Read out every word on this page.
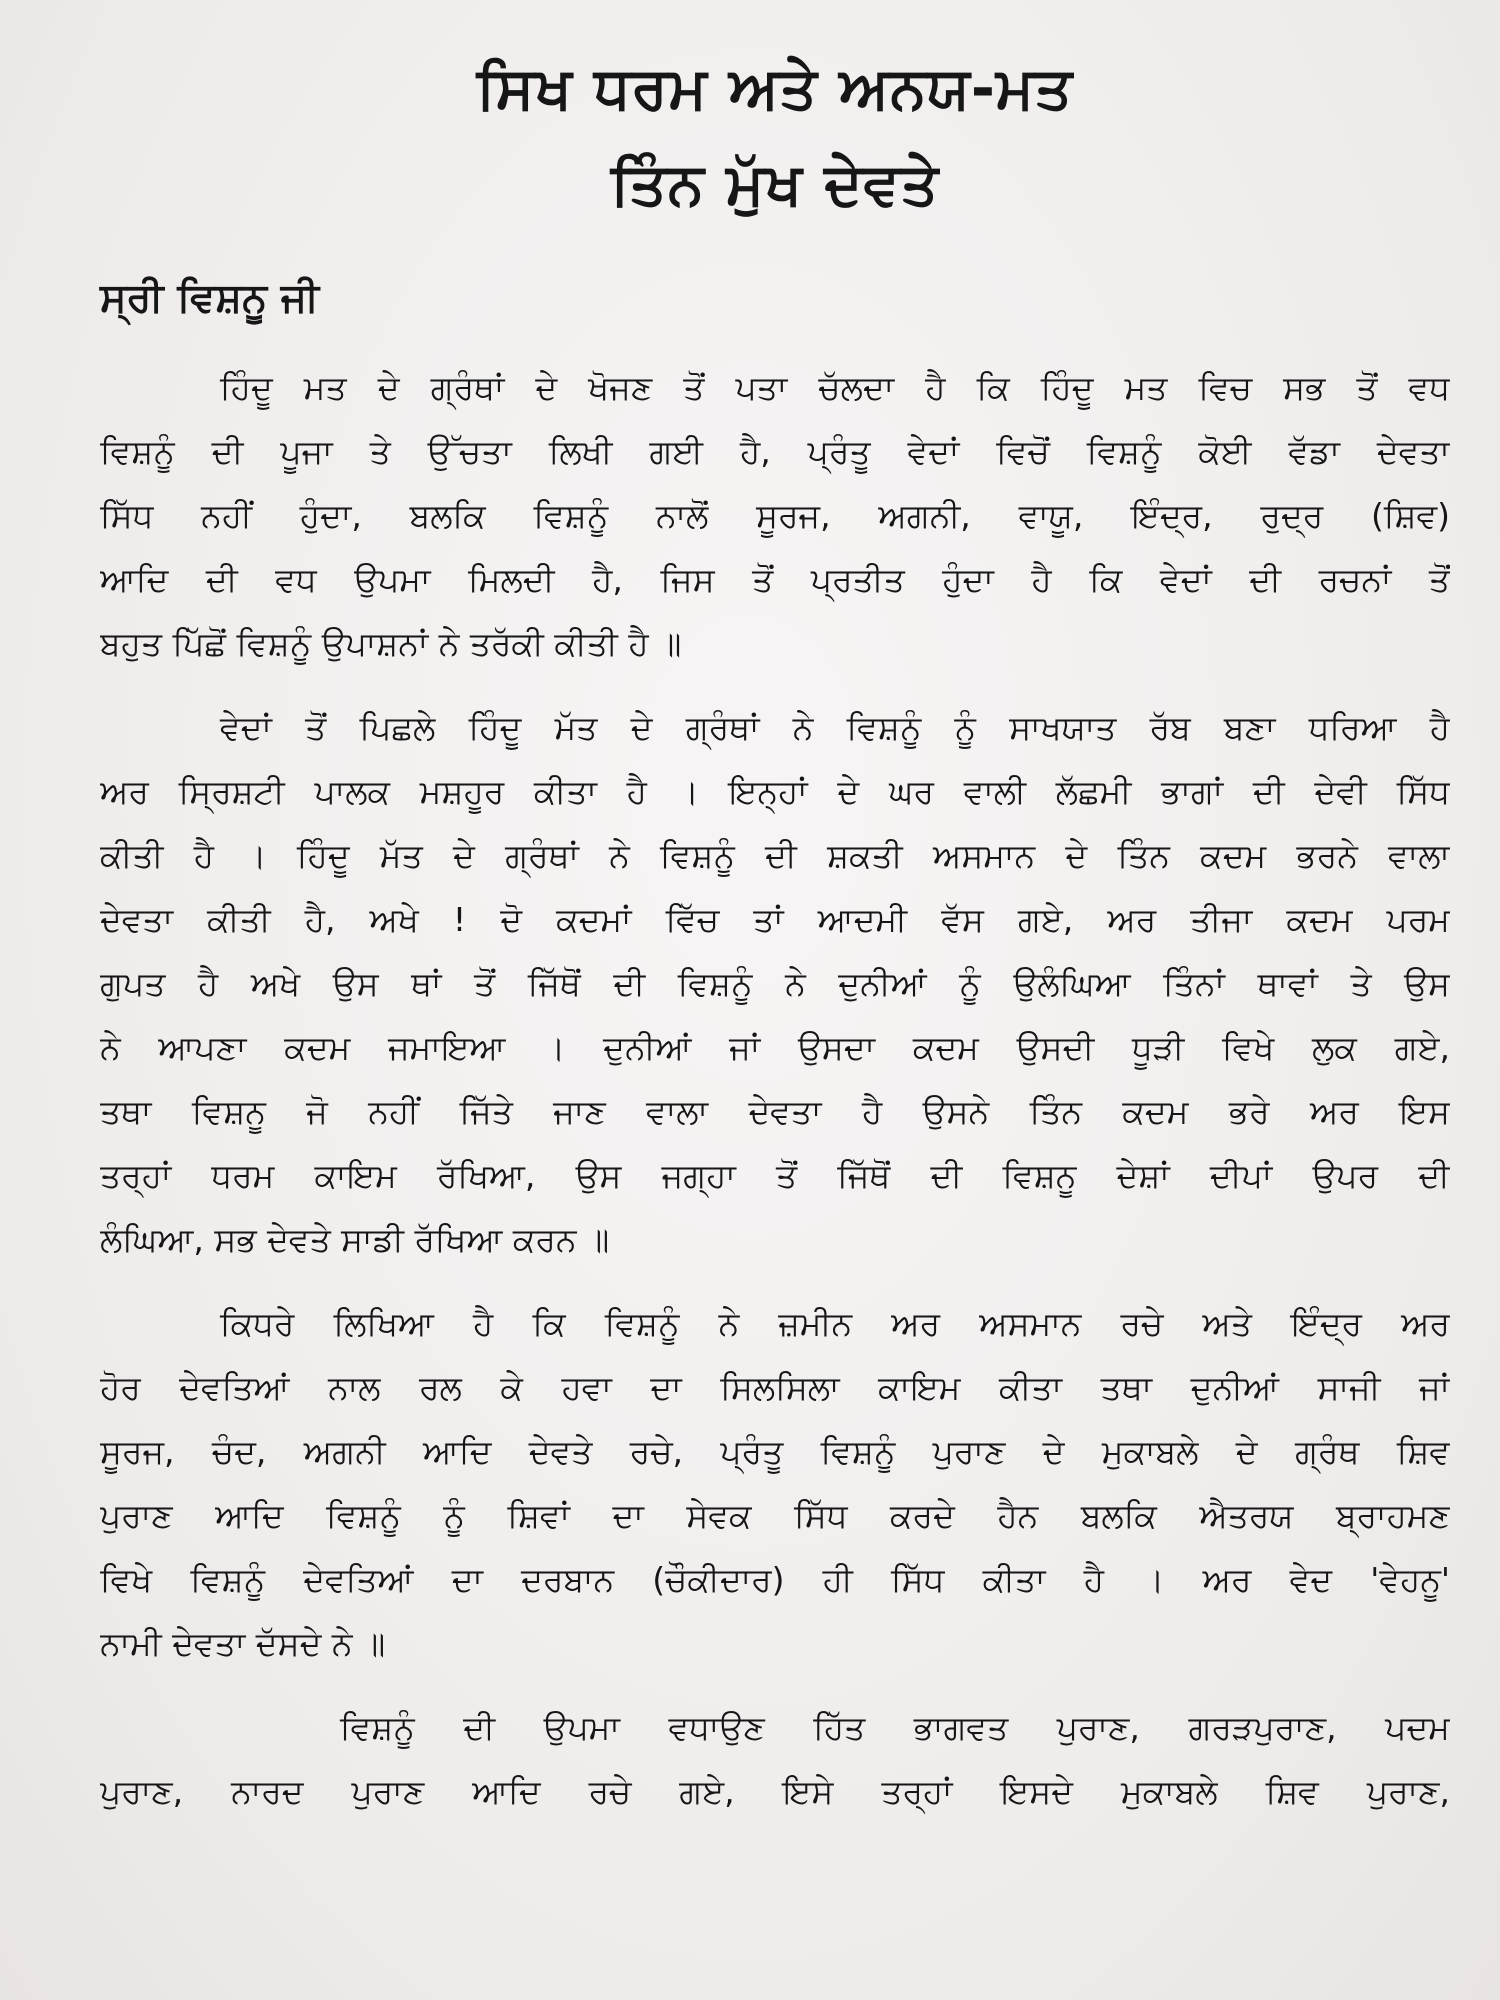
ਸਿਖ ਧਰਮ ਅਤੇ ਅਨਯ-ਮਤ
ਤਿੰਨ ਮੁੱਖ ਦੇਵਤੇ
ਸ੍ਰੀ ਵਿਸ਼ਨੂ ਜੀ
ਹਿੰਦੂ ਮਤ ਦੇ ਗ੍ਰੰਥਾਂ ਦੇ ਖੋਜਣ ਤੋਂ ਪਤਾ ਚੱਲਦਾ ਹੈ ਕਿ ਹਿੰਦੂ ਮਤ ਵਿਚ ਸਭ ਤੋਂ ਵਧ
ਵਿਸ਼ਨੂੰ ਦੀ ਪੂਜਾ ਤੇ ਉੱਚਤਾ ਲਿਖੀ ਗਈ ਹੈ, ਪ੍ਰੰਤੂ ਵੇਦਾਂ ਵਿਚੋਂ ਵਿਸ਼ਨੂੰ ਕੋਈ ਵੱਡਾ ਦੇਵਤਾ
ਸਿੱਧ ਨਹੀਂ ਹੁੰਦਾ, ਬਲਕਿ ਵਿਸ਼ਨੂੰ ਨਾਲੋਂ ਸੂਰਜ, ਅਗਨੀ, ਵਾਯੂ, ਇੰਦ੍ਰ, ਰੁਦ੍ਰ (ਸ਼ਿਵ)
ਆਦਿ ਦੀ ਵਧ ਉਪਮਾ ਮਿਲਦੀ ਹੈ, ਜਿਸ ਤੋਂ ਪ੍ਰਤੀਤ ਹੁੰਦਾ ਹੈ ਕਿ ਵੇਦਾਂ ਦੀ ਰਚਨਾਂ ਤੋਂ
ਬਹੁਤ ਪਿੱਛੋਂ ਵਿਸ਼ਨੂੰ ਉਪਾਸ਼ਨਾਂ ਨੇ ਤਰੱਕੀ ਕੀਤੀ ਹੈ ॥
ਵੇਦਾਂ ਤੋਂ ਪਿਛਲੇ ਹਿੰਦੂ ਮੱਤ ਦੇ ਗ੍ਰੰਥਾਂ ਨੇ ਵਿਸ਼ਨੂੰ ਨੂੰ ਸਾਖਯਾਤ ਰੱਬ ਬਣਾ ਧਰਿਆ ਹੈ
ਅਰ ਸ੍ਰਿਸ਼ਟੀ ਪਾਲਕ ਮਸ਼ਹੂਰ ਕੀਤਾ ਹੈ । ਇਨ੍ਹਾਂ ਦੇ ਘਰ ਵਾਲੀ ਲੱਛਮੀ ਭਾਗਾਂ ਦੀ ਦੇਵੀ ਸਿੱਧ
ਕੀਤੀ ਹੈ । ਹਿੰਦੂ ਮੱਤ ਦੇ ਗ੍ਰੰਥਾਂ ਨੇ ਵਿਸ਼ਨੂੰ ਦੀ ਸ਼ਕਤੀ ਅਸਮਾਨ ਦੇ ਤਿੰਨ ਕਦਮ ਭਰਨੇ ਵਾਲਾ
ਦੇਵਤਾ ਕੀਤੀ ਹੈ, ਅਖੇ ! ਦੋ ਕਦਮਾਂ ਵਿੱਚ ਤਾਂ ਆਦਮੀ ਵੱਸ ਗਏ, ਅਰ ਤੀਜਾ ਕਦਮ ਪਰਮ
ਗੁਪਤ ਹੈ ਅਖੇ ਉਸ ਥਾਂ ਤੋਂ ਜਿੱਥੋਂ ਦੀ ਵਿਸ਼ਨੂੰ ਨੇ ਦੁਨੀਆਂ ਨੂੰ ਉਲੰਘਿਆ ਤਿੰਨਾਂ ਥਾਵਾਂ ਤੇ ਉਸ
ਨੇ ਆਪਣਾ ਕਦਮ ਜਮਾਇਆ । ਦੁਨੀਆਂ ਜਾਂ ਉਸਦਾ ਕਦਮ ਉਸਦੀ ਧੂੜੀ ਵਿਖੇ ਲੁਕ ਗਏ,
ਤਥਾ ਵਿਸ਼ਨੂ ਜੋ ਨਹੀਂ ਜਿੱਤੇ ਜਾਣ ਵਾਲਾ ਦੇਵਤਾ ਹੈ ਉਸਨੇ ਤਿੰਨ ਕਦਮ ਭਰੇ ਅਰ ਇਸ
ਤਰ੍ਹਾਂ ਧਰਮ ਕਾਇਮ ਰੱਖਿਆ, ਉਸ ਜਗ੍ਹਾ ਤੋਂ ਜਿੱਥੋਂ ਦੀ ਵਿਸ਼ਨੂ ਦੇਸ਼ਾਂ ਦੀਪਾਂ ਉਪਰ ਦੀ
ਲੰਘਿਆ, ਸਭ ਦੇਵਤੇ ਸਾਡੀ ਰੱਖਿਆ ਕਰਨ ॥
ਕਿਧਰੇ ਲਿਖਿਆ ਹੈ ਕਿ ਵਿਸ਼ਨੂੰ ਨੇ ਜ਼ਮੀਨ ਅਰ ਅਸਮਾਨ ਰਚੇ ਅਤੇ ਇੰਦ੍ਰ ਅਰ
ਹੋਰ ਦੇਵਤਿਆਂ ਨਾਲ ਰਲ ਕੇ ਹਵਾ ਦਾ ਸਿਲਸਿਲਾ ਕਾਇਮ ਕੀਤਾ ਤਥਾ ਦੁਨੀਆਂ ਸਾਜੀ ਜਾਂ
ਸੂਰਜ, ਚੰਦ, ਅਗਨੀ ਆਦਿ ਦੇਵਤੇ ਰਚੇ, ਪ੍ਰੰਤੂ ਵਿਸ਼ਨੂੰ ਪੁਰਾਣ ਦੇ ਮੁਕਾਬਲੇ ਦੇ ਗ੍ਰੰਥ ਸ਼ਿਵ
ਪੁਰਾਣ ਆਦਿ ਵਿਸ਼ਨੂੰ ਨੂੰ ਸ਼ਿਵਾਂ ਦਾ ਸੇਵਕ ਸਿੱਧ ਕਰਦੇ ਹੈਨ ਬਲਕਿ ਐਤਰਯ ਬ੍ਰਾਹਮਣ
ਵਿਖੇ ਵਿਸ਼ਨੂੰ ਦੇਵਤਿਆਂ ਦਾ ਦਰਬਾਨ (ਚੌਕੀਦਾਰ) ਹੀ ਸਿੱਧ ਕੀਤਾ ਹੈ । ਅਰ ਵੇਦ 'ਵੇਹਨੂ'
ਨਾਮੀ ਦੇਵਤਾ ਦੱਸਦੇ ਨੇ ॥
ਵਿਸ਼ਨੂੰ ਦੀ ਉਪਮਾ ਵਧਾਉਣ ਹਿੱਤ ਭਾਗਵਤ ਪੁਰਾਣ, ਗਰੜਪੁਰਾਣ, ਪਦਮ
ਪੁਰਾਣ, ਨਾਰਦ ਪੁਰਾਣ ਆਦਿ ਰਚੇ ਗਏ, ਇਸੇ ਤਰ੍ਹਾਂ ਇਸਦੇ ਮੁਕਾਬਲੇ ਸ਼ਿਵ ਪੁਰਾਣ,
